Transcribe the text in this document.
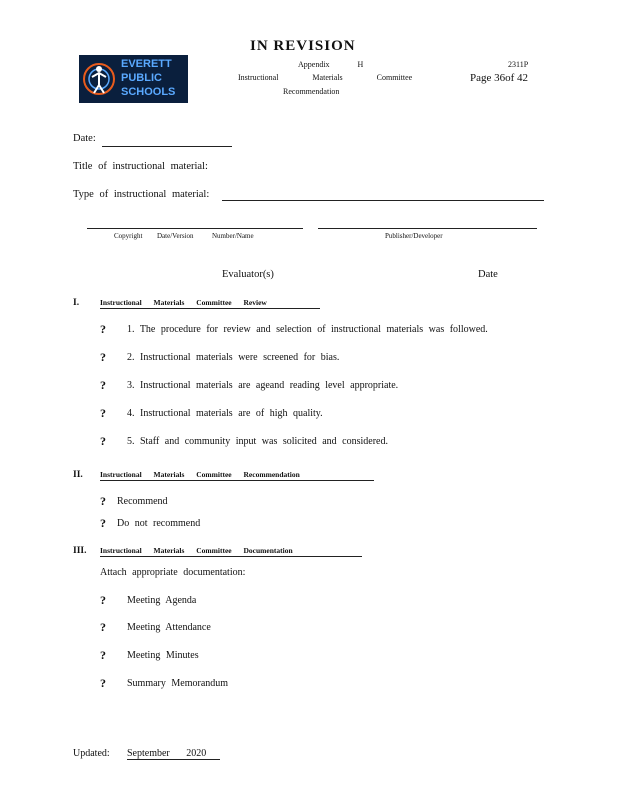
IN REVISION
EVERETT
PUBLIC
SCHOOLS
Appendix H
Instructional Materials Committee
Recommendation
2311P
Page 36of 42
Date:
Title of instructional material:
Type of instructional material:
Copyright Date/Version	Number/Name	Publisher/Developer
Evaluator(s)	Date
I.	Instructional Materials Committee Review
? 1. The procedure for review and selection of instructional materials was followed.
? 2. Instructional materials were screened for bias.
? 3. Instructional materials are ageand reading level appropriate.
? 4. Instructional materials are of high quality.
? 5. Staff and community input was solicited and considered.
II. Instructional Materials Committee Recommendation
? Recommend
? Do not recommend
III. Instructional Materials Committee Documentation
Attach appropriate documentation:
? Meeting Agenda
? Meeting Attendance
? Meeting Minutes
? Summary Memorandum
Updated: September 2020
